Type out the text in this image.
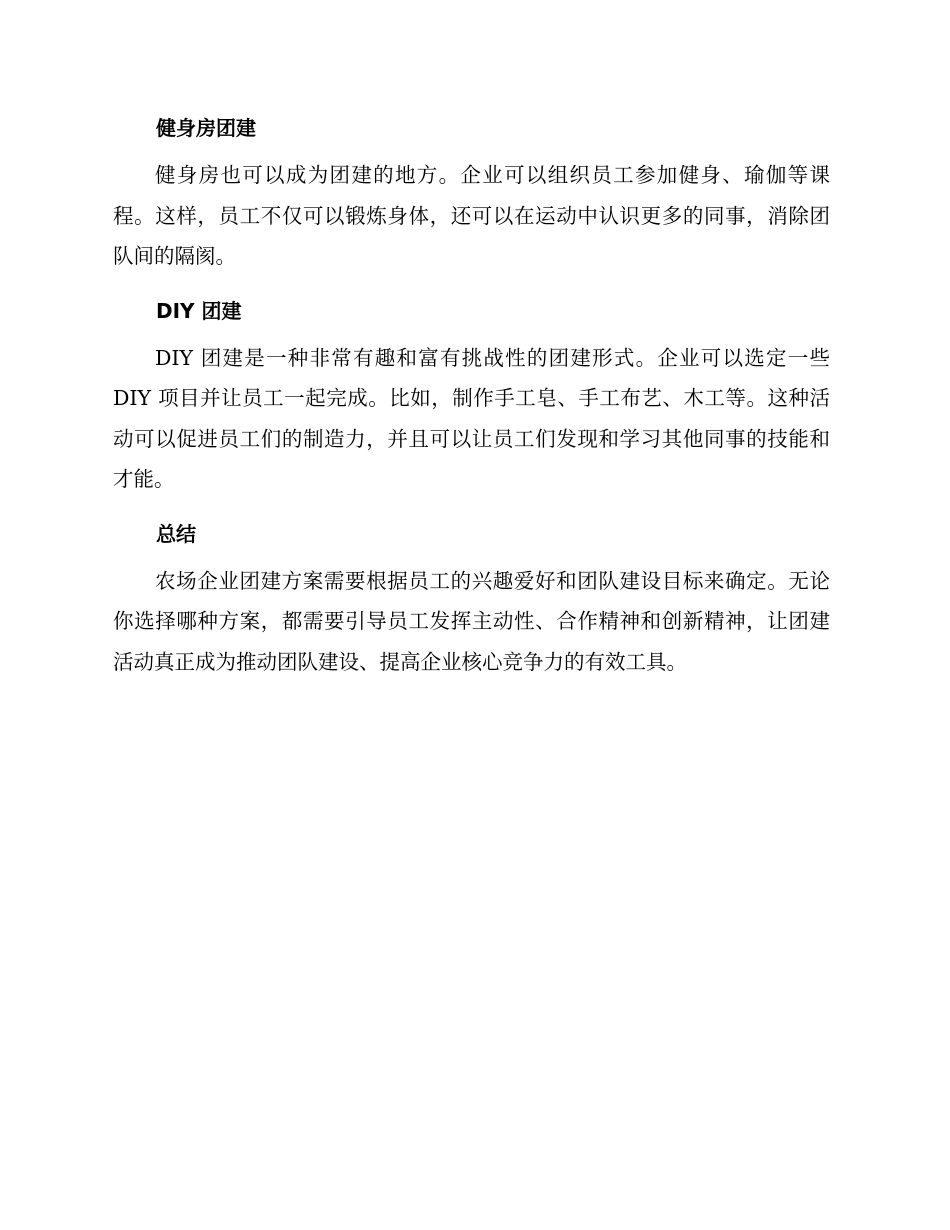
健身房团建

健身房也可以成为团建的地方。企业可以组织员工参加健身、瑜伽等课程。这样，员工不仅可以锻炼身体，还可以在运动中认识更多的同事，消除团队间的隔阂。

DIY 团建

DIY 团建是一种非常有趣和富有挑战性的团建形式。企业可以选定一些 DIY 项目并让员工一起完成。比如，制作手工皂、手工布艺、木工等。这种活动可以促进员工们的制造力，并且可以让员工们发现和学习其他同事的技能和才能。

总结

农场企业团建方案需要根据员工的兴趣爱好和团队建设目标来确定。无论你选择哪种方案，都需要引导员工发挥主动性、合作精神和创新精神，让团建活动真正成为推动团队建设、提高企业核心竞争力的有效工具。
